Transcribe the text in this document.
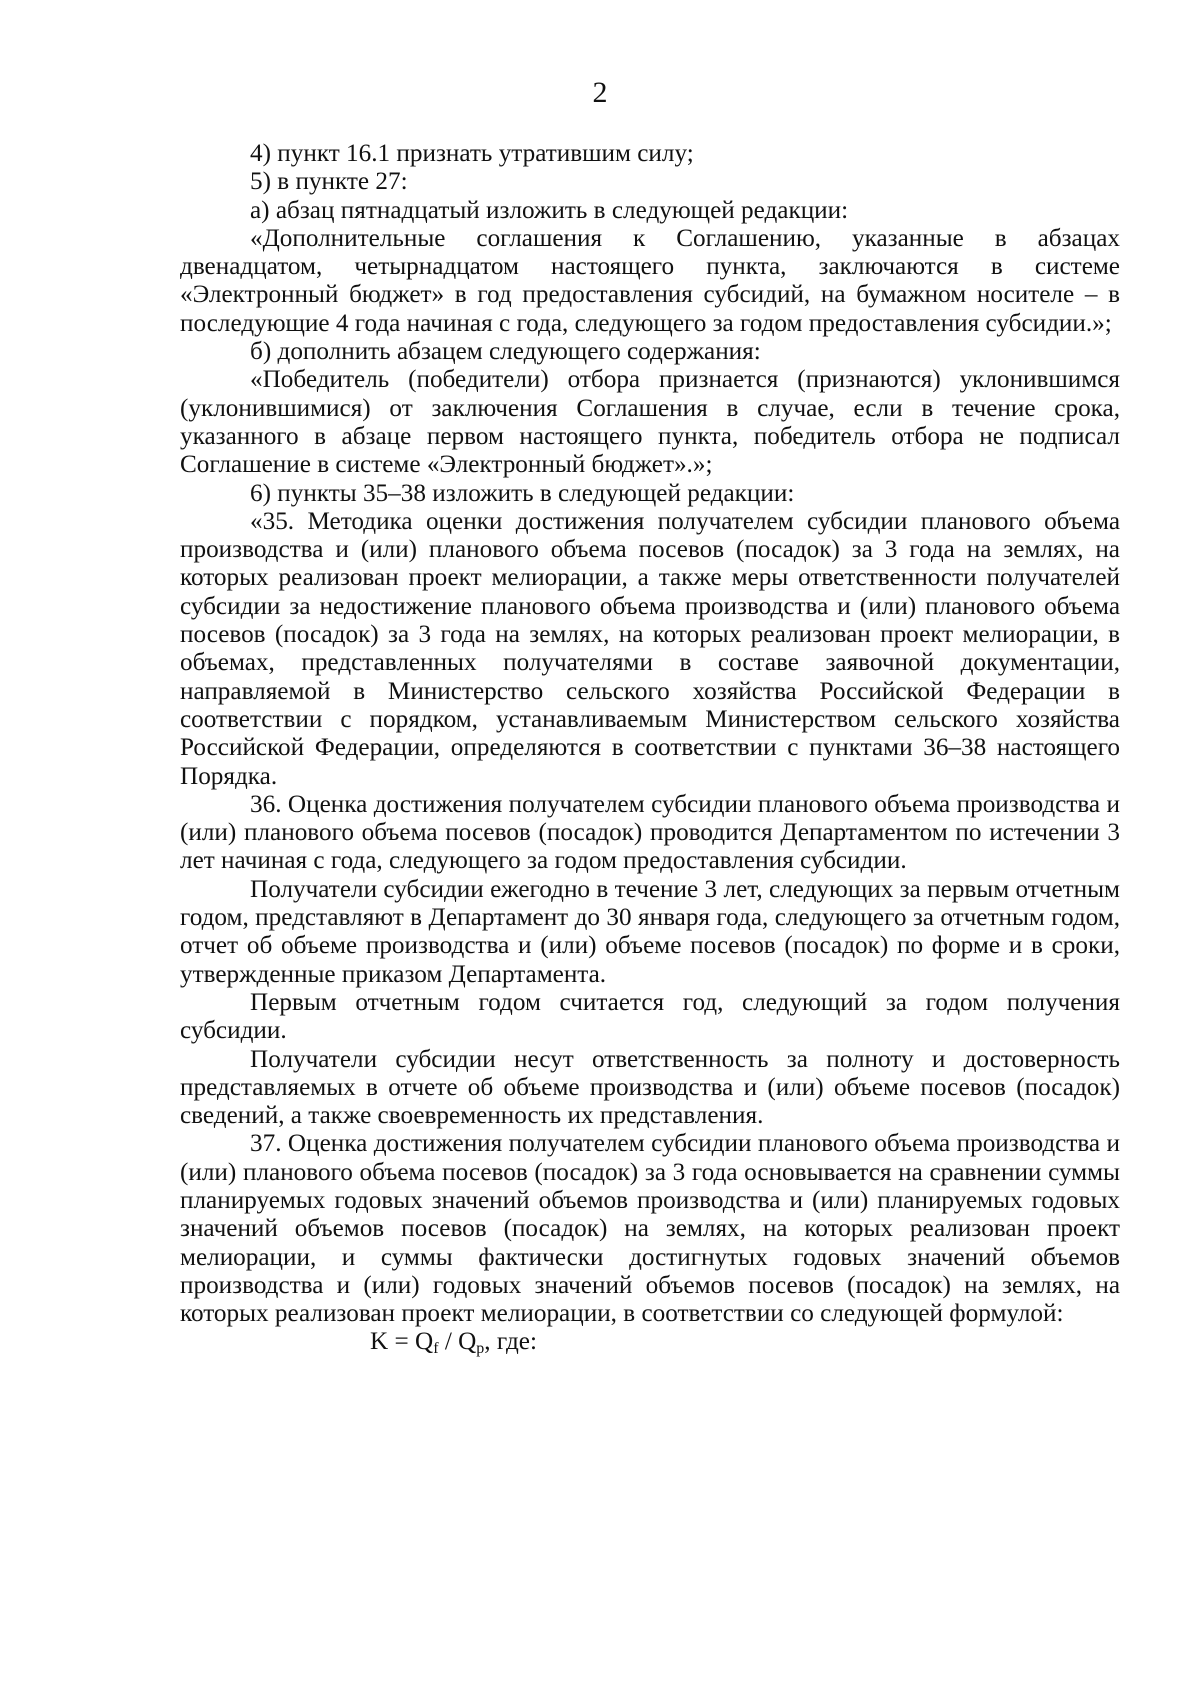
2

4) пункт 16.1 признать утратившим силу;

5) в пункте 27:

а) абзац пятнадцатый изложить в следующей редакции:

«Дополнительные соглашения к Соглашению, указанные в абзацах двенадцатом, четырнадцатом настоящего пункта, заключаются в системе «Электронный бюджет» в год предоставления субсидий, на бумажном носителе – в последующие 4 года начиная с года, следующего за годом предоставления субсидии.»;

б) дополнить абзацем следующего содержания:

«Победитель (победители) отбора признается (признаются) уклонившимся (уклонившимися) от заключения Соглашения в случае, если в течение срока, указанного в абзаце первом настоящего пункта, победитель отбора не подписал Соглашение в системе «Электронный бюджет».»;

6) пункты 35–38 изложить в следующей редакции:

«35. Методика оценки достижения получателем субсидии планового объема производства и (или) планового объема посевов (посадок) за 3 года на землях, на которых реализован проект мелиорации, а также меры ответственности получателей субсидии за недостижение планового объема производства и (или) планового объема посевов (посадок) за 3 года на землях, на которых реализован проект мелиорации, в объемах, представленных получателями в составе заявочной документации, направляемой в Министерство сельского хозяйства Российской Федерации в соответствии с порядком, устанавливаемым Министерством сельского хозяйства Российской Федерации, определяются в соответствии с пунктами 36–38 настоящего Порядка.

36. Оценка достижения получателем субсидии планового объема производства и (или) планового объема посевов (посадок) проводится Департаментом по истечении 3 лет начиная с года, следующего за годом предоставления субсидии.

Получатели субсидии ежегодно в течение 3 лет, следующих за первым отчетным годом, представляют в Департамент до 30 января года, следующего за отчетным годом, отчет об объеме производства и (или) объеме посевов (посадок) по форме и в сроки, утвержденные приказом Департамента.

Первым отчетным годом считается год, следующий за годом получения субсидии.

Получатели субсидии несут ответственность за полноту и достоверность представляемых в отчете об объеме производства и (или) объеме посевов (посадок) сведений, а также своевременность их представления.

37. Оценка достижения получателем субсидии планового объема производства и (или) планового объема посевов (посадок) за 3 года основывается на сравнении суммы планируемых годовых значений объемов производства и (или) планируемых годовых значений объемов посевов (посадок) на землях, на которых реализован проект мелиорации, и суммы фактически достигнутых годовых значений объемов производства и (или) годовых значений объемов посевов (посадок) на землях, на которых реализован проект мелиорации, в соответствии со следующей формулой:

$K = Q_f / Q_p$, где:
